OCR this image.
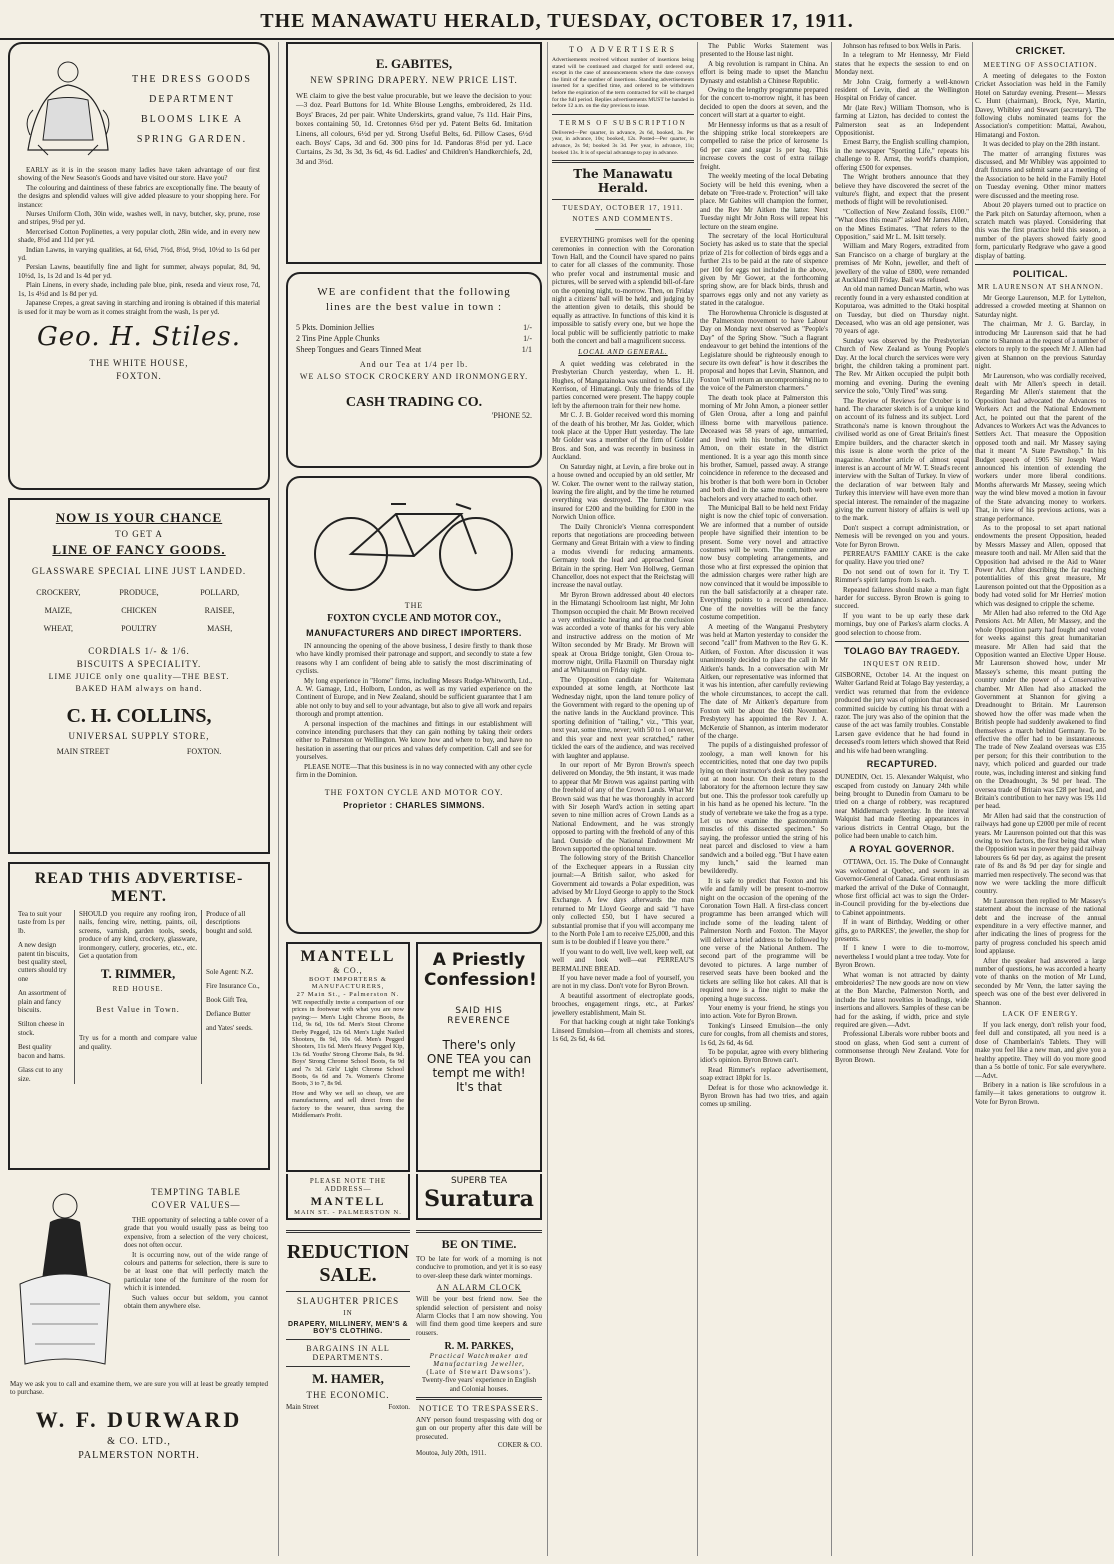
THE MANAWATU HERALD, TUESDAY, OCTOBER 17, 1911.
THE DRESS GOODS
DEPARTMENT
BLOOMS LIKE A
SPRING GARDEN.

EARLY as it is in the season many ladies have taken advantage of our first showing of the New Season's Goods and have visited our store. Have you?

The colouring and daintiness of these fabrics are exceptionally fine. The beauty of the designs and splendid values will give added pleasure to your shopping here. For instance:

Nurses Uniform Cloth, 30in wide, washes well, in navy, butcher, sky, prune, rose and stripes, 9½d per yd.

Mercerised Cotton Poplinettes, a very popular cloth, 28in wide, and in every new shade, 8½d and 11d per yd.

Indian Lawns, in varying qualities, at 6d, 6¾d, 7½d, 8½d, 9½d, 10½d to 1s 6d per yd.

Persian Lawns, beautifully fine and light for summer, always popular, 8d, 9d, 10½d, 1s, 1s 2d and 1s 4d per yd.

Plain Linens, in every shade, including pale blue, pink, reseda and vieux rose, 7d, 1s, 1s 4½d and 1s 8d per yd.

Japanese Crepes, a great saving in starching and ironing is obtained if this material is used for it may be worn as it comes straight from the wash, 1s per yd.

Geo. H. Stiles.
THE WHITE HOUSE,
FOXTON.
NOW IS YOUR CHANCE
TO GET A
LINE OF FANCY GOODS.
GLASSWARE SPECIAL LINE JUST LANDED.
CROCKERY,	PRODUCE,	POLLARD,
MAIZE,	CHICKEN	RAISEE,
WHEAT,	POULTRY	MASH,
CORDIALS 1/- & 1/6.
BISCUITS A SPECIALITY.
LIME JUICE only one quality—THE BEST.
BAKED HAM always on hand.
C. H. COLLINS,
UNIVERSAL SUPPLY STORE,
MAIN STREET	FOXTON.
READ THIS ADVERTISE-
MENT.

Tea to suit your taste from 1s per lb.

A new design patent tin biscuits, best quality steel, cutters should try one

An assortment of plain and fancy biscuits.

Stilton cheese in stock.

Best quality bacon and hams.

Glass cut to any size.

SHOULD you require any roofing iron, nails, fencing wire, netting, paints, oil, screens, varnish, garden tools, seeds, produce of any kind, crockery, glassware, ironmongery, cutlery, groceries, etc., etc. Get a quotation from
T. RIMMER,
RED HOUSE.
Best Value in Town.
Try us for a month and compare value and quality.

Produce of all descriptions bought and sold.

Sole Agent: N.Z. Fire Insurance Co., Book Gift Tea, Defiance Butter and Yates' seeds.

TEMPTING TABLE
COVER VALUES—

THE opportunity of selecting a table cover of a grade that you would usually pass as being too expensive, from a selection of the very choicest, does not often occur.

It is occurring now, out of the wide range of colours and patterns for selection, there is sure to be at least one that will perfectly match the particular tone of the furniture of the room for which it is intended.

Such values occur but seldom, you cannot obtain them anywhere else.

May we ask you to call and examine them, we are sure you will at least be greatly tempted to purchase.
W. F. DURWARD
& CO. LTD.,
PALMERSTON NORTH.
E. GABITES,
NEW SPRING DRAPERY. NEW PRICE LIST.
WE claim to give the best value procurable, but we leave the decision to you:—3 doz. Pearl Buttons for 1d. White Blouse Lengths, embroidered, 2s 11d. Boys' Braces, 2d per pair. White Underskirts, grand value, 7s 11d. Hair Pins, boxes containing 50, 1d. Cretonnes 6½d per yd. Patent Belts 6d. Imitation Linens, all colours, 6½d per yd. Strong Useful Belts, 6d. Pillow Cases, 6½d each. Boys' Caps, 3d and 6d. 300 pins for 1d. Pandoras 8½d per yd. Lace Curtains, 2s 3d, 3s 3d, 3s 6d, 4s 6d. Ladies' and Children's Handkerchiefs, 2d, 3d and 3½d.
WE are confident that the following
lines are the best value in town :
5 Pkts. Dominion Jellies	1/-
2 Tins Pine Apple Chunks	1/-
Sheep Tongues and Gears Tinned Meat	1/1
And our Tea at 1/4 per lb.
WE ALSO STOCK CROCKERY AND IRONMONGERY.
CASH TRADING CO.
'PHONE 52.
THE
FOXTON CYCLE AND MOTOR COY.,
MANUFACTURERS AND DIRECT IMPORTERS.

IN announcing the opening of the above business, I desire firstly to thank those who have kindly promised their patronage and support, and secondly to state a few reasons why I am confident of being able to satisfy the most discriminating of cyclists.

My long experience in "Home" firms, including Messrs Rudge-Whitworth, Ltd., A. W. Gamage, Ltd., Holborn, London, as well as my varied experience on the Continent of Europe, and in New Zealand, should be sufficient guarantee that I am able not only to buy and sell to your advantage, but also to give all work and repairs thorough and prompt attention.

A personal inspection of the machines and fittings in our establishment will convince intending purchasers that they can gain nothing by taking their orders either to Palmerston or Wellington. We know how and where to buy, and have no hesitation in asserting that our prices and values defy competition. Call and see for yourselves.

PLEASE NOTE—That this business is in no way connected with any other cycle firm in the Dominion.

THE FOXTON CYCLE AND MOTOR COY.
Proprietor : CHARLES SIMMONS.
MANTELL
& CO.,
BOOT IMPORTERS & MANUFACTURERS,
27 Main St., - Palmerston N.
WE respectfully invite a comparison of our prices in footwear with what you are now paying:— Men's Light Chrome Boots, 8s 11d, 9s 6d, 10s 6d. Men's Stout Chrome Derby Pegged, 12s 6d. Men's Light Nailed Shooters, 8s 9d, 10s 6d. Men's Pegged Shooters, 11s 6d. Men's Heavy Pegged Kip, 13s 6d. Youths' Strong Chrome Bals, 8s 9d. Boys' Strong Chrome School Boots, 6s 9d and 7s 3d. Girls' Light Chrome School Boots, 6s 6d and 7s. Women's Chrome Boots, 3 to 7, 8s 9d.
How and Why we sell so cheap, we are manufacturers, and sell direct from the factory to the wearer, thus saving the Middleman's Profit.
A Priestly
Confession!
SAID HIS
REVERENCE
There's only
ONE TEA you can
tempt me with!
It's that
PLEASE NOTE THE ADDRESS—
MANTELL
MAIN ST. - PALMERSTON N.
SUPERB TEA
Suratura
REDUCTION
SALE.
SLAUGHTER PRICES
IN
DRAPERY, MILLINERY, MEN'S & BOY'S CLOTHING.
BARGAINS IN ALL DEPARTMENTS.
M. HAMER,
THE ECONOMIC.
Main Street	Foxton.
BE ON TIME.
TO be late for work of a morning is not conducive to promotion, and yet it is so easy to over-sleep these dark winter mornings.
AN ALARM CLOCK
Will be your best friend now. See the splendid selection of persistent and noisy Alarm Clocks that I am now showing. You will find them good time keepers and sure rousers.
R. M. PARKES,
Practical Watchmaker and
Manufacturing Jeweller,
(Late of Stewart Dawsons').
Twenty-five years' experience in English and Colonial houses.
NOTICE TO TRESPASSERS.
ANY person found trespassing with dog or gun on our property after this date will be prosecuted.
COKER & CO.
Moutoa, July 20th, 1911.
TO ADVERTISERS
Advertisements received without number of insertions being stated will be continued and charged for until ordered out, except in the case of announcements where the date conveys the limit of the number of insertions. Standing advertisements inserted for a specified time, and ordered to be withdrawn before the expiration of the term contracted for will be charged for the full period. Replies advertisements MUST be handed in before 12 a.m. on the day previous to issue.
TERMS OF SUBSCRIPTION
Delivered—Per quarter, in advance, 2s 6d, booked, 3s. Per year, in advance, 10s; booked, 12s. Posted—Per quarter, in advance, 2s 9d; booked 3s 3d. Per year, in advance, 11s; booked 13s. It is of special advantage to pay in advance.
The Manawatu Herald.
TUESDAY, OCTOBER 17, 1911.
NOTES AND COMMENTS.

EVERYTHING promises well for the opening ceremonies in connection with the Coronation Town Hall, and the Council have spared no pains to cater for all classes of the community. Those who prefer vocal and instrumental music and pictures, will be served with a splendid bill-of-fare on the opening night, to-morrow. Then, on Friday night a citizens' ball will be held, and judging by the attention given to details, this should be equally as attractive. In functions of this kind it is impossible to satisfy every one, but we hope the local public will be sufficiently patriotic to make both the concert and ball a magnificent success.

LOCAL AND GENERAL.

A quiet wedding was celebrated in the Presbyterian Church yesterday, when L. H. Hughes, of Mangatainoka was united to Miss Lily Kerrison, of Himatangi. Only the friends of the parties concerned were present. The happy couple left by the afternoon train for their new home.

Mr C. J. B. Golder received word this morning of the death of his brother, Mr Jas. Golder, which took place at the Upper Hutt yesterday. The late Mr Golder was a member of the firm of Golder Bros. and Son, and was recently in business in Auckland.

On Saturday night, at Levin, a fire broke out in a house owned and occupied by an old settler, Mr W. Coker. The owner went to the railway station, leaving the fire alight, and by the time he returned everything was destroyed. The furniture was insured for £200 and the building for £300 in the Norwich Union office.

The Daily Chronicle's Vienna correspondent reports that negotiations are proceeding between Germany and Great Britain with a view to finding a modus vivendi for reducing armaments. Germany took the lead and approached Great Britain in the spring. Herr Von Hollweg, German Chancellor, does not expect that the Reichstag will increase the naval outlay.

Mr Byron Brown addressed about 40 electors in the Himatangi Schoolroom last night, Mr John Thompson occupied the chair. Mr Brown received a very enthusiastic hearing and at the conclusion was accorded a vote of thanks for his very able and instructive address on the motion of Mr Wilton seconded by Mr Brady. Mr Brown will speak at Oroua Bridge tonight, Glen Oroua to-morrow night, Orilla Flaxmill on Thursday night and at Whitaunui on Friday night.

The Opposition candidate for Waitemata expounded at some length, at Northcote last Wednesday night, upon the land tenure policy of the Government with regard to the opening up of the native lands in the Auckland province. This sporting definition of "tailing," viz., "This year, next year, some time, never; with 50 to 1 on never, and this year and next year scratched," rather tickled the ears of the audience, and was received with laughter and applause.

In our report of Mr Byron Brown's speech delivered on Monday, the 9th instant, it was made to appear that Mr Brown was against parting with the freehold of any of the Crown Lands. What Mr Brown said was that he was thoroughly in accord with Sir Joseph Ward's action in setting apart seven to nine million acres of Crown Lands as a National Endowment, and he was strongly opposed to parting with the freehold of any of this land. Outside of the National Endowment Mr Brown supported the optional tenure.

The following story of the British Chancellor of the Exchequer appears in a Russian city journal:—A British sailor, who asked for Government aid towards a Polar expedition, was advised by Mr Lloyd George to apply to the Stock Exchange. A few days afterwards the man returned to Mr Lloyd George and said "I have only collected £50, but I have secured a substantial promise that if you will accompany me to the North Pole I am to receive £25,000, and this sum is to be doubled if I leave you there."

If you want to do well, live well, keep well, eat well and look well—eat PERREAU'S BERMALINE BREAD.

If you have never made a fool of yourself, you are not in my class. Don't vote for Byron Brown.

A beautiful assortment of electroplate goods, brooches, engagement rings, etc., at Parkes' jewellery establishment, Main St.

For that hacking cough at night take Tonking's Linseed Emulsion—from all chemists and stores, 1s 6d, 2s 6d, 4s 6d.

The Public Works Statement was presented to the House last night.

A big revolution is rampant in China. An effort is being made to upset the Manchu Dynasty and establish a Chinese Republic.

Owing to the lengthy programme prepared for the concert to-morrow night, it has been decided to open the doors at seven, and the concert will start at a quarter to eight.

Mr Hennessy informs us that as a result of the shipping strike local storekeepers are compelled to raise the price of kerosene 1s 6d per case and sugar 1s per bag. This increase covers the cost of extra railage freight.

The weekly meeting of the local Debating Society will be held this evening, when a debate on "Free-trade v. Protection" will take place. Mr Gabites will champion the former, and the Rev Mr Aitken the latter. Next Tuesday night Mr John Ross will repeat his lecture on the steam engine.

The secretary of the local Horticultural Society has asked us to state that the special prize of 21s for collection of birds eggs and a further 21s to be paid at the rate of sixpence per 100 for eggs not included in the above, given by Mr Gower, at the forthcoming spring show, are for black birds, thrush and sparrows eggs only and not any variety as stated in the catalogue.

The Horowhenua Chronicle is disgusted at the Palmerston movement to have Labour Day on Monday next observed as "People's Day" of the Spring Show. "Such a flagrant endeavour to get behind the intentions of the Legislature should be righteously enough to secure its own defeat" is how it describes the proposal and hopes that Levin, Shannon, and Foxton "will return an uncompromising no to the voice of the Palmerston charmers."

The death took place at Palmerston this morning of Mr John Amon, a pioneer settler of Glen Oroua, after a long and painful illness borne with marvellous patience. Deceased was 58 years of age, unmarried, and lived with his brother, Mr William Amon, on their estate in the district mentioned. It is a year ago this month since his brother, Samuel, passed away. A strange coincidence in reference to the deceased and his brother is that both were born in October and both died in the same month, both were bachelors and very attached to each other.

The Municipal Ball to be held next Friday night is now the chief topic of conversation. We are informed that a number of outside people have signified their intention to be present. Some very novel and attractive costumes will be worn. The committee are now busy completing arrangements, and those who at first expressed the opinion that the admission charges were rather high are now convinced that it would be impossible to run the ball satisfactorily at a cheaper rate. Everything points to a record attendance. One of the novelties will be the fancy costume competition.

A meeting of the Wanganui Presbytery was held at Marton yesterday to consider the second "call" from Mathven to the Rev G. K. Aitken, of Foxton. After discussion it was unanimously decided to place the call in Mr Aitken's hands. In a conversation with Mr Aitken, our representative was informed that it was his intention, after carefully reviewing the whole circumstances, to accept the call. The date of Mr Aitken's departure from Foxton will be about the 16th November. Presbytery has appointed the Rev J. A. McKenzie of Shannon, as interim moderator of the charge.

The pupils of a distinguished professor of zoology, a man well known for his eccentricities, noted that one day two pupils lying on their instructor's desk as they passed out at noon hour. On their return to the laboratory for the afternoon lecture they saw but one. This the professor took carefully up in his hand as he opened his lecture. "In the study of vertebrate we take the frog as a type. Let us now examine the gastronomium muscles of this dissected specimen." So saying, the professor untied the string of his neat parcel and disclosed to view a ham sandwich and a boiled egg. "But I have eaten my lunch," said the learned man bewilderedly.

It is safe to predict that Foxton and his wife and family will be present to-morrow night on the occasion of the opening of the Coronation Town Hall. A first-class concert programme has been arranged which will include some of the leading talent of Palmerston North and Foxton. The Mayor will deliver a brief address to be followed by one verse of the National Anthem. The second part of the programme will be devoted to pictures. A large number of reserved seats have been booked and the tickets are selling like hot cakes. All that is required now is a fine night to make the opening a huge success.

Your enemy is your friend, he stings you into action. Vote for Byron Brown.

Tonking's Linseed Emulsion—the only cure for coughs, from all chemists and stores, 1s 6d, 2s 6d, 4s 6d.

To be popular, agree with every blithering idiot's opinion. Byron Brown can't.

Read Rimmer's replace advertisement, soap extract 18pkt for 1s.

Defeat is for those who acknowledge it. Byron Brown has had two tries, and again comes up smiling.

Johnson has refused to box Wells in Paris.

In a telegram to Mr Hennessy, Mr Field states that he expects the session to end on Monday next.

Mr John Craig, formerly a well-known resident of Levin, died at the Wellington Hospital on Friday of cancer.

Mr (late Rev.) William Thomson, who is farming at Lizton, has decided to contest the Palmerston seat as an Independent Oppositionist.

Ernest Barry, the English sculling champion, in the newspaper "Sporting Life," repeats his challenge to R. Arnst, the world's champion, offering £500 for expenses.

The Wright brothers announce that they believe they have discovered the secret of the vulture's flight, and expect that the present methods of flight will be revolutionised.

"Collection of New Zealand fossils, £100." "What does this mean?" asked Mr James Allen, on the Mines Estimates. "That refers to the Opposition," said Mr L. M. Isitt tersely.

William and Mary Rogers, extradited from San Francisco on a charge of burglary at the premises of Mr Kohn, jeweller, and theft of jewellery of the value of £800, were remanded at Auckland till Friday. Bail was refused.

An old man named Duncan Martin, who was recently found in a very exhausted condition at Koputaroa, was admitted to the Otaki hospital on Tuesday, but died on Thursday night. Deceased, who was an old age pensioner, was 70 years of age.

Sunday was observed by the Presbyterian Church of New Zealand as Young People's Day. At the local church the services were very bright, the children taking a prominent part. The Rev. Mr Aitken occupied the pulpit both morning and evening. During the evening service the solo, "Only Tired" was sung.

The Review of Reviews for October is to hand. The character sketch is of a unique kind on account of its fulness and its subject. Lord Strathcona's name is known throughout the civilised world as one of Great Britain's finest Empire builders, and the character sketch in this issue is alone worth the price of the magazine. Another article of almost equal interest is an account of Mr W. T. Stead's recent interview with the Sultan of Turkey. In view of the declaration of war between Italy and Turkey this interview will have even more than special interest. The remainder of the magazine giving the current history of affairs is well up to the mark.

Don't suspect a corrupt administration, or Nemesis will be revenged on you and yours. Vote for Byron Brown.

PERREAU'S FAMILY CAKE is the cake for quality. Have you tried one?

Do not send out of town for it. Try T. Rimmer's spirit lamps from 1s each.

Repeated failures should make a man fight harder for success. Byron Brown is going to succeed.

If you want to be up early these dark mornings, buy one of Parkes's alarm clocks. A good selection to choose from.

TOLAGO BAY TRAGEDY.
INQUEST ON REID.
GISBORNE, October 14. At the inquest on Walter Garland Reid at Tolago Bay yesterday, a verdict was returned that from the evidence produced the jury was of opinion that deceased committed suicide by cutting his throat with a razor. The jury was also of the opinion that the cause of the act was family troubles. Constable Larsen gave evidence that he had found in deceased's room letters which showed that Reid and his wife had been wrangling.
RECAPTURED.
DUNEDIN, Oct. 15. Alexander Walquist, who escaped from custody on January 24th while being brought to Dunedin from Oamaru to be tried on a charge of robbery, was recaptured near Middlemarch yesterday. In the interval Walquist had made fleeting appearances in various districts in Central Otago, but the police had been unable to catch him.
A ROYAL GOVERNOR.

OTTAWA, Oct. 15. The Duke of Connaught was welcomed at Quebec, and sworn in as Governor-General of Canada. Great enthusiasm marked the arrival of the Duke of Connaught, whose first official act was to sign the Order-in-Council providing for the by-elections due to Cabinet appointments.

If in want of Birthday, Wedding or other gifts, go to PARKES', the jeweller, the shop for presents.

If I knew I were to die to-morrow, nevertheless I would plant a tree today. Vote for Byron Brown.

What woman is not attracted by dainty embroideries? The new goods are now on view at the Bon Marche, Palmerston North, and include the latest novelties in beadings, wide insertions and allovers. Samples of these can be had for the asking, if width, price and style required are given.—Advt.

Professional Liberals wore rubber boots and stood on glass, when God sent a current of commonsense through New Zealand. Vote for Byron Brown.

CRICKET.
MEETING OF ASSOCIATION.

A meeting of delegates to the Foxton Cricket Association was held in the Family Hotel on Saturday evening. Present— Messrs C. Hunt (chairman), Brock, Nye, Martin, Davey, Whibley and Stewart (secretary). The following clubs nominated teams for the Association's competition: Mattai, Awahou, Himatangi and Foxton.

It was decided to play on the 28th instant.

The matter of arranging fixtures was discussed, and Mr Whibley was appointed to draft fixtures and submit same at a meeting of the Association to be held in the Family Hotel on Tuesday evening. Other minor matters were discussed and the meeting rose.

About 20 players turned out to practice on the Park pitch on Saturday afternoon, when a scratch match was played. Considering that this was the first practice held this season, a number of the players showed fairly good form, particularly Redgrave who gave a good display of batting.

POLITICAL.
MR LAURENSON AT SHANNON.

Mr George Laurenson, M.P. for Lyttelton, addressed a crowded meeting at Shannon on Saturday night.

The chairman, Mr J. G. Barclay, in introducing Mr Laurenson said that he had come to Shannon at the request of a number of electors to reply to the speech Mr J. Allen had given at Shannon on the previous Saturday night.

Mr Laurenson, who was cordially received, dealt with Mr Allen's speech in detail. Regarding Mr Allen's statement that the Opposition had advocated the Advances to Workers Act and the National Endowment Act, he pointed out that the parent of the Advances to Workers Act was the Advances to Settlers Act. That measure the Opposition opposed tooth and nail. Mr Massey saying that it meant "A State Pawnshop." In his Budget speech of 1905 Sir Joseph Ward announced his intention of extending the workers under more liberal conditions. Months afterwards Mr Massey, seeing which way the wind blew moved a motion in favour of the State advancing money to workers. That, in view of his previous actions, was a strange performance.

As to the proposal to set apart national endowments the present Opposition, headed by Messrs Massey and Allen, opposed that measure tooth and nail. Mr Allen said that the Opposition had advised re the Aid to Water Power Act. After describing the far reaching potentialities of this great measure, Mr Laurenson pointed out that the Opposition as a body had voted solid for Mr Herries' motion which was designed to cripple the scheme.

Mr Allen had also referred to the Old Age Pensions Act. Mr Allen, Mr Massey, and the whole Opposition party had fought and voted for weeks against this great humanitarian measure. Mr Allen had said that the Opposition wanted an Elective Upper House. Mr Laurenson showed how, under Mr Massey's scheme, this meant putting the country under the power of a Conservative chamber. Mr Allen had also attacked the Government at Shannon for giving a Dreadnought to Britain. Mr Laurenson showed how the offer was made when the British people had suddenly awakened to find themselves a march behind Germany. To be effective the offer had to be instantaneous. The trade of New Zealand overseas was £35 per person; for this their contribution to the navy, which policed and guarded our trade route, was, including interest and sinking fund on the Dreadnought, 3s 9d per head. The oversea trade of Britain was £28 per head, and Britain's contribution to her navy was 19s 11d per head.

Mr Allen had said that the construction of railways had gone up £2000 per mile of recent years. Mr Laurenson pointed out that this was owing to two factors, the first being that when the Opposition was in power they paid railway labourers 6s 6d per day, as against the present rate of 8s and 8s 9d per day for single and married men respectively. The second was that now we were tackling the more difficult country.

Mr Laurenson then replied to Mr Massey's statement about the increase of the national debt and the increase of the annual expenditure in a very effective manner, and after indicating the lines of progress for the party of progress concluded his speech amid loud applause.

After the speaker had answered a large number of questions, he was accorded a hearty vote of thanks on the motion of Mr Lund, seconded by Mr Venn, the latter saying the speech was one of the best ever delivered in Shannon.

LACK OF ENERGY.

If you lack energy, don't relish your food, feel dull and constipated, all you need is a dose of Chamberlain's Tablets. They will make you feel like a new man, and give you a healthy appetite. They will do you more good than a 5s bottle of tonic. For sale everywhere.—Advt.

Bribery in a nation is like scrofulous in a family—it takes generations to outgrow it. Vote for Byron Brown.
